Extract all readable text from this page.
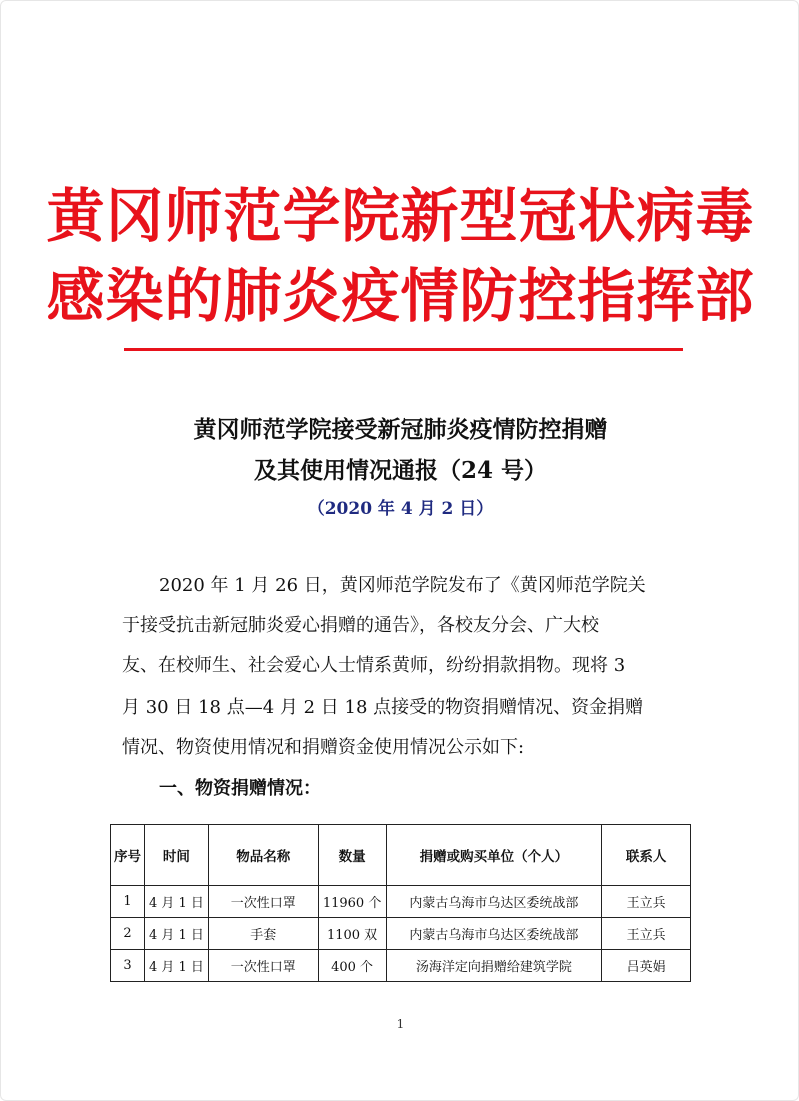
黄冈师范学院新型冠状病毒
感染的肺炎疫情防控指挥部
黄冈师范学院接受新冠肺炎疫情防控捐赠
及其使用情况通报（24 号）
（2020 年 4 月 2 日）
2020 年 1 月 26 日，黄冈师范学院发布了《黄冈师范学院关
于接受抗击新冠肺炎爱心捐赠的通告》，各校友分会、广大校
友、在校师生、社会爱心人士情系黄师，纷纷捐款捐物。现将 3
月 30 日 18 点—4 月 2 日 18 点接受的物资捐赠情况、资金捐赠
情况、物资使用情况和捐赠资金使用情况公示如下:
一、物资捐赠情况：
序号	时间	物品名称	数量	捐赠或购买单位（个人）	联系人
1	4 月 1 日	一次性口罩	11960 个	内蒙古乌海市乌达区委统战部	王立兵
2	4 月 1 日	手套	1100 双	内蒙古乌海市乌达区委统战部	王立兵
3	4 月 1 日	一次性口罩	400 个	汤海洋定向捐赠给建筑学院	吕英娟
1
